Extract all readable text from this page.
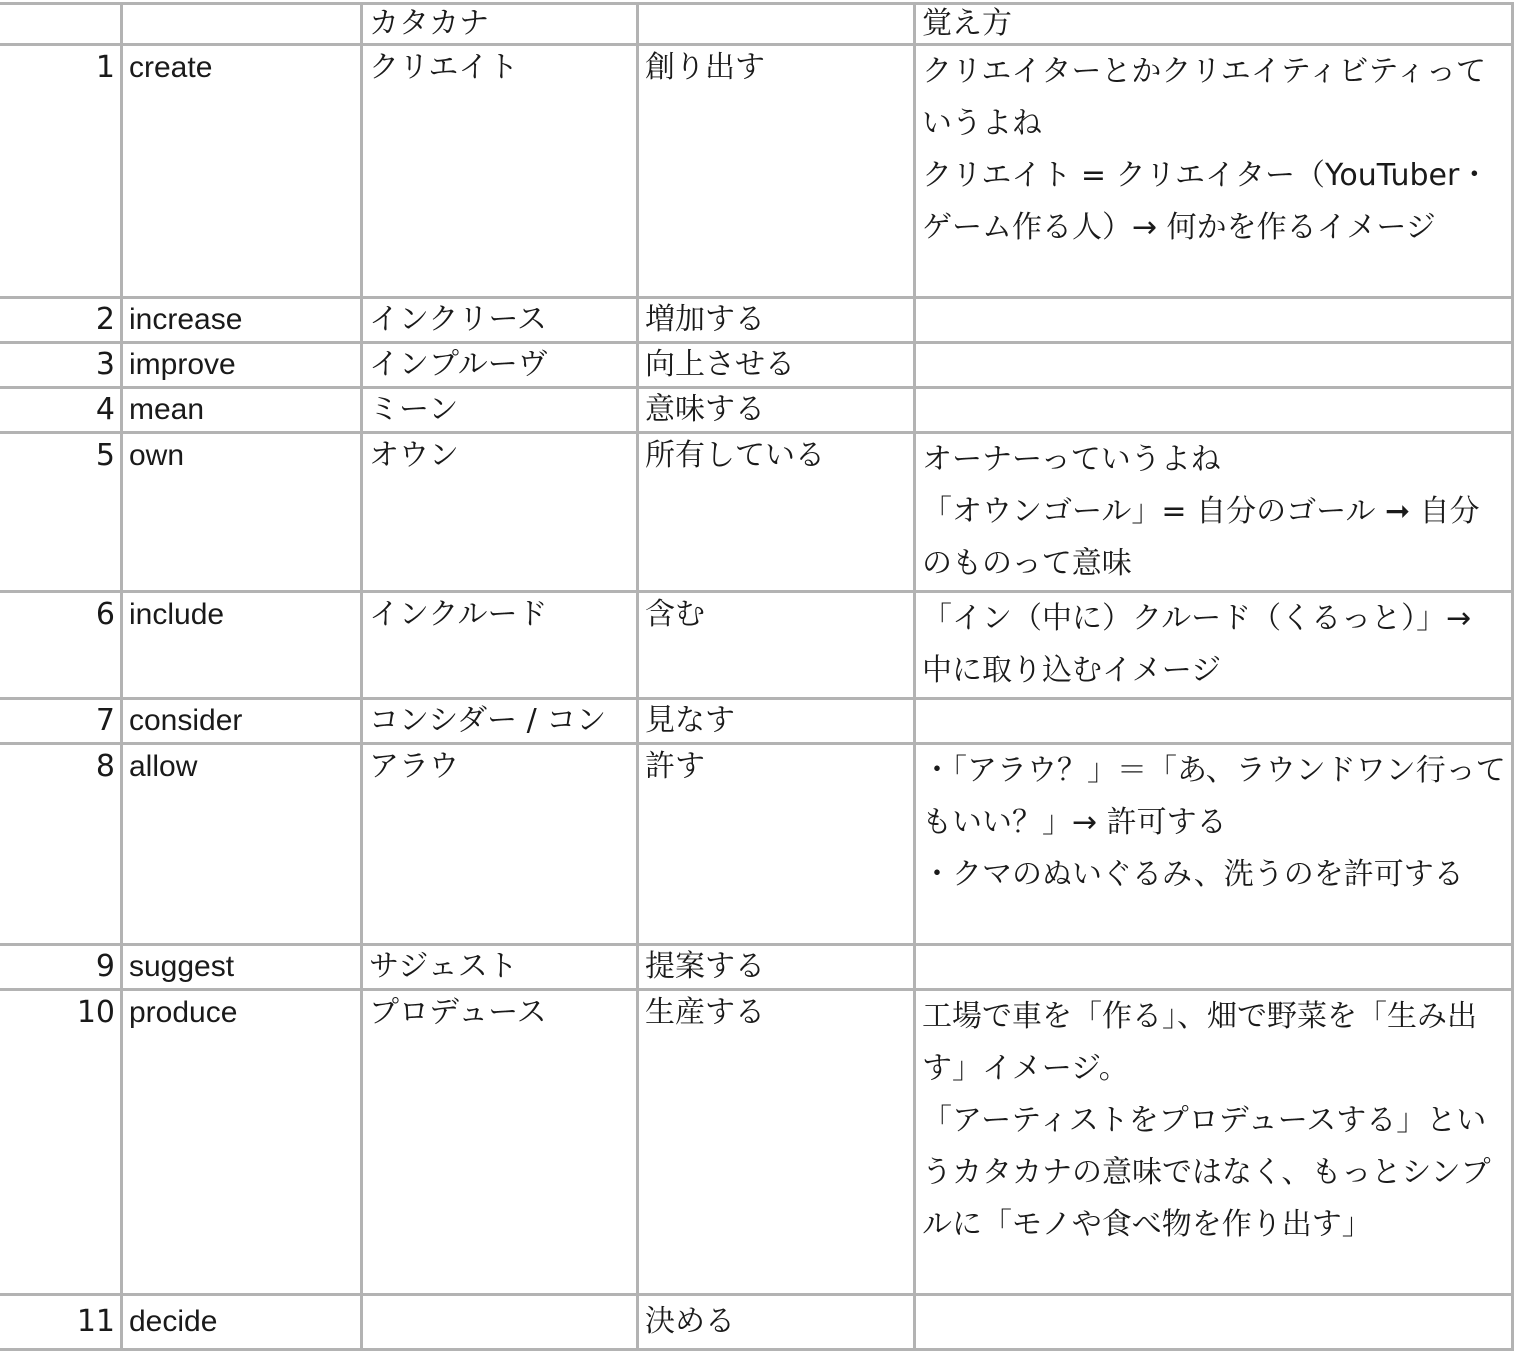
		カタカナ		覚え方
1	create	クリエイト	創り出す	クリエイターとかクリエイティビティっていうよね
クリエイト = クリエイター（YouTuber・ゲーム作る人）→ 何かを作るイメージ
2	increase	インクリース	増加する	
3	improve	インプルーヴ	向上させる	
4	mean	ミーン	意味する	
5	own	オウン	所有している	オーナーっていうよね
「オウンゴール」= 自分のゴール ➞ 自分のものって意味
6	include	インクルード	含む	「イン（中に）クルード（くるっと）」→ 中に取り込むイメージ
7	consider	コンシダー / コン	見なす	
8	allow	アラウ	許す	・「アラウ？」＝「あ、ラウンドワン行ってもいい？」→ 許可する
・クマのぬいぐるみ、洗うのを許可する
9	suggest	サジェスト	提案する	
10	produce	プロデュース	生産する	工場で車を「作る」、畑で野菜を「生み出す」イメージ。
「アーティストをプロデュースする」というカタカナの意味ではなく、もっとシンプルに「モノや食べ物を作り出す」
11	decide		決める	
